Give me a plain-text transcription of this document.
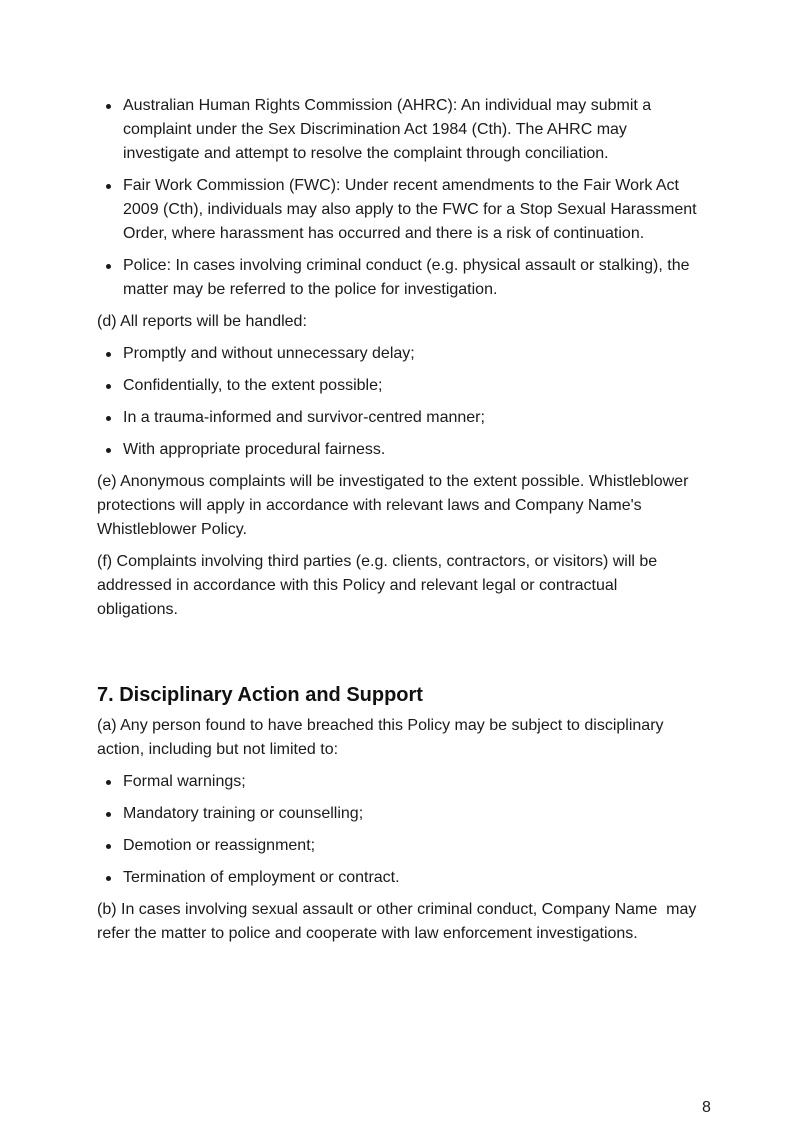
Australian Human Rights Commission (AHRC): An individual may submit a complaint under the Sex Discrimination Act 1984 (Cth). The AHRC may investigate and attempt to resolve the complaint through conciliation.
Fair Work Commission (FWC): Under recent amendments to the Fair Work Act 2009 (Cth), individuals may also apply to the FWC for a Stop Sexual Harassment Order, where harassment has occurred and there is a risk of continuation.
Police: In cases involving criminal conduct (e.g. physical assault or stalking), the matter may be referred to the police for investigation.

(d) All reports will be handled:

Promptly and without unnecessary delay;
Confidentially, to the extent possible;
In a trauma-informed and survivor-centred manner;
With appropriate procedural fairness.

(e) Anonymous complaints will be investigated to the extent possible. Whistleblower protections will apply in accordance with relevant laws and Company Name's Whistleblower Policy.

(f) Complaints involving third parties (e.g. clients, contractors, or visitors) will be addressed in accordance with this Policy and relevant legal or contractual obligations.

7. Disciplinary Action and Support

(a) Any person found to have breached this Policy may be subject to disciplinary action, including but not limited to:

Formal warnings;
Mandatory training or counselling;
Demotion or reassignment;
Termination of employment or contract.

(b) In cases involving sexual assault or other criminal conduct, Company Name  may refer the matter to police and cooperate with law enforcement investigations.

8
